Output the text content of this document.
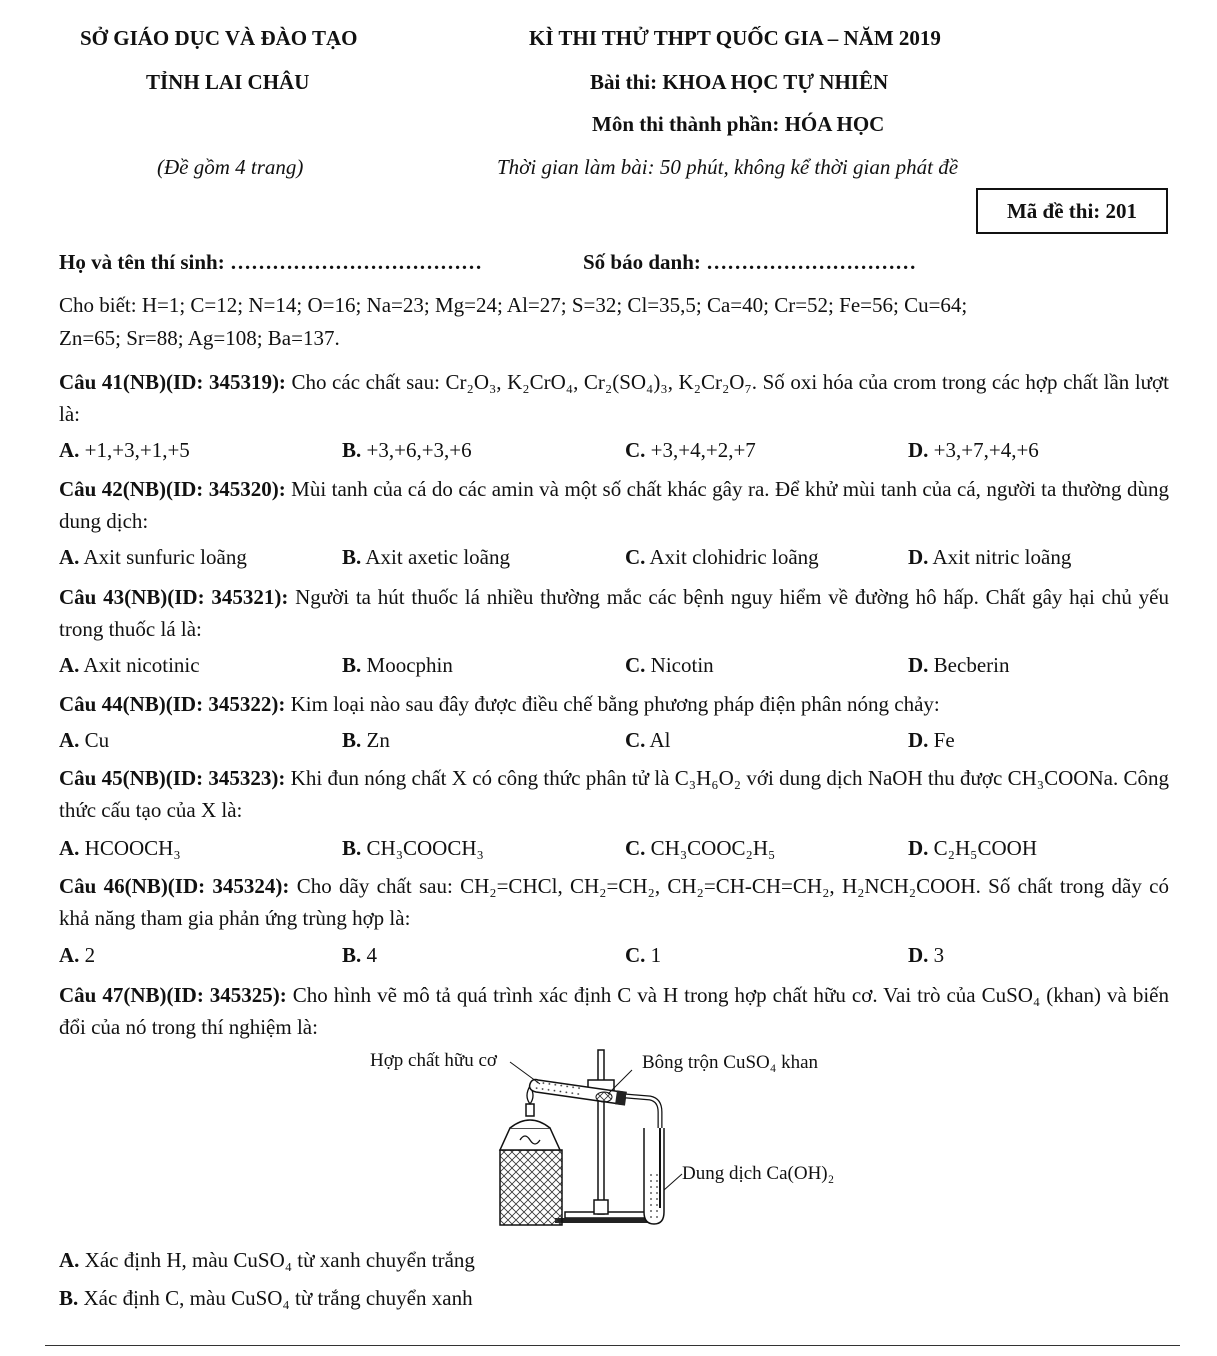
SỞ GIÁO DỤC VÀ ĐÀO TẠO
TỈNH LAI CHÂU
KÌ THI THỬ THPT QUỐC GIA – NĂM 2019
Bài thi: KHOA HỌC TỰ NHIÊN
Môn thi thành phần: HÓA HỌC
(Đề gồm 4 trang)	Thời gian làm bài: 50 phút, không kể thời gian phát đề
Mã đề thi: 201
Họ và tên thí sinh: ………………………………	Số báo danh: …………………………
Cho biết: H=1; C=12; N=14; O=16; Na=23; Mg=24; Al=27; S=32; Cl=35,5; Ca=40; Cr=52; Fe=56; Cu=64;
Zn=65; Sr=88; Ag=108; Ba=137.
Câu 41(NB)(ID: 345319): Cho các chất sau: Cr₂O₃, K₂CrO₄, Cr₂(SO₄)₃, K₂Cr₂O₇. Số oxi hóa của crom trong các hợp chất lần lượt là:
A. +1,+3,+1,+5	B. +3,+6,+3,+6	C. +3,+4,+2,+7	D. +3,+7,+4,+6
Câu 42(NB)(ID: 345320): Mùi tanh của cá do các amin và một số chất khác gây ra. Để khử mùi tanh của cá, người ta thường dùng dung dịch:
A. Axit sunfuric loãng	B. Axit axetic loãng	C. Axit clohidric loãng	D. Axit nitric loãng
Câu 43(NB)(ID: 345321): Người ta hút thuốc lá nhiều thường mắc các bệnh nguy hiểm về đường hô hấp. Chất gây hại chủ yếu trong thuốc lá là:
A. Axit nicotinic	B. Moocphin	C. Nicotin	D. Becberin
Câu 44(NB)(ID: 345322): Kim loại nào sau đây được điều chế bằng phương pháp điện phân nóng chảy:
A. Cu	B. Zn	C. Al	D. Fe
Câu 45(NB)(ID: 345323): Khi đun nóng chất X có công thức phân tử là C₃H₆O₂ với dung dịch NaOH thu được CH₃COONa. Công thức cấu tạo của X là:
A. HCOOCH₃	B. CH₃COOCH₃	C. CH₃COOC₂H₅	D. C₂H₅COOH
Câu 46(NB)(ID: 345324): Cho dãy chất sau: CH₂=CHCl, CH₂=CH₂, CH₂=CH-CH=CH₂, H₂NCH₂COOH. Số chất trong dãy có khả năng tham gia phản ứng trùng hợp là:
A. 2	B. 4	C. 1	D. 3
Câu 47(NB)(ID: 345325): Cho hình vẽ mô tả quá trình xác định C và H trong hợp chất hữu cơ. Vai trò của CuSO₄ (khan) và biến đổi của nó trong thí nghiệm là:
Hợp chất hữu cơ	Bông trộn CuSO₄ khan
Dung dịch Ca(OH)₂
A. Xác định H, màu CuSO₄ từ xanh chuyển trắng
B. Xác định C, màu CuSO₄ từ trắng chuyển xanh
